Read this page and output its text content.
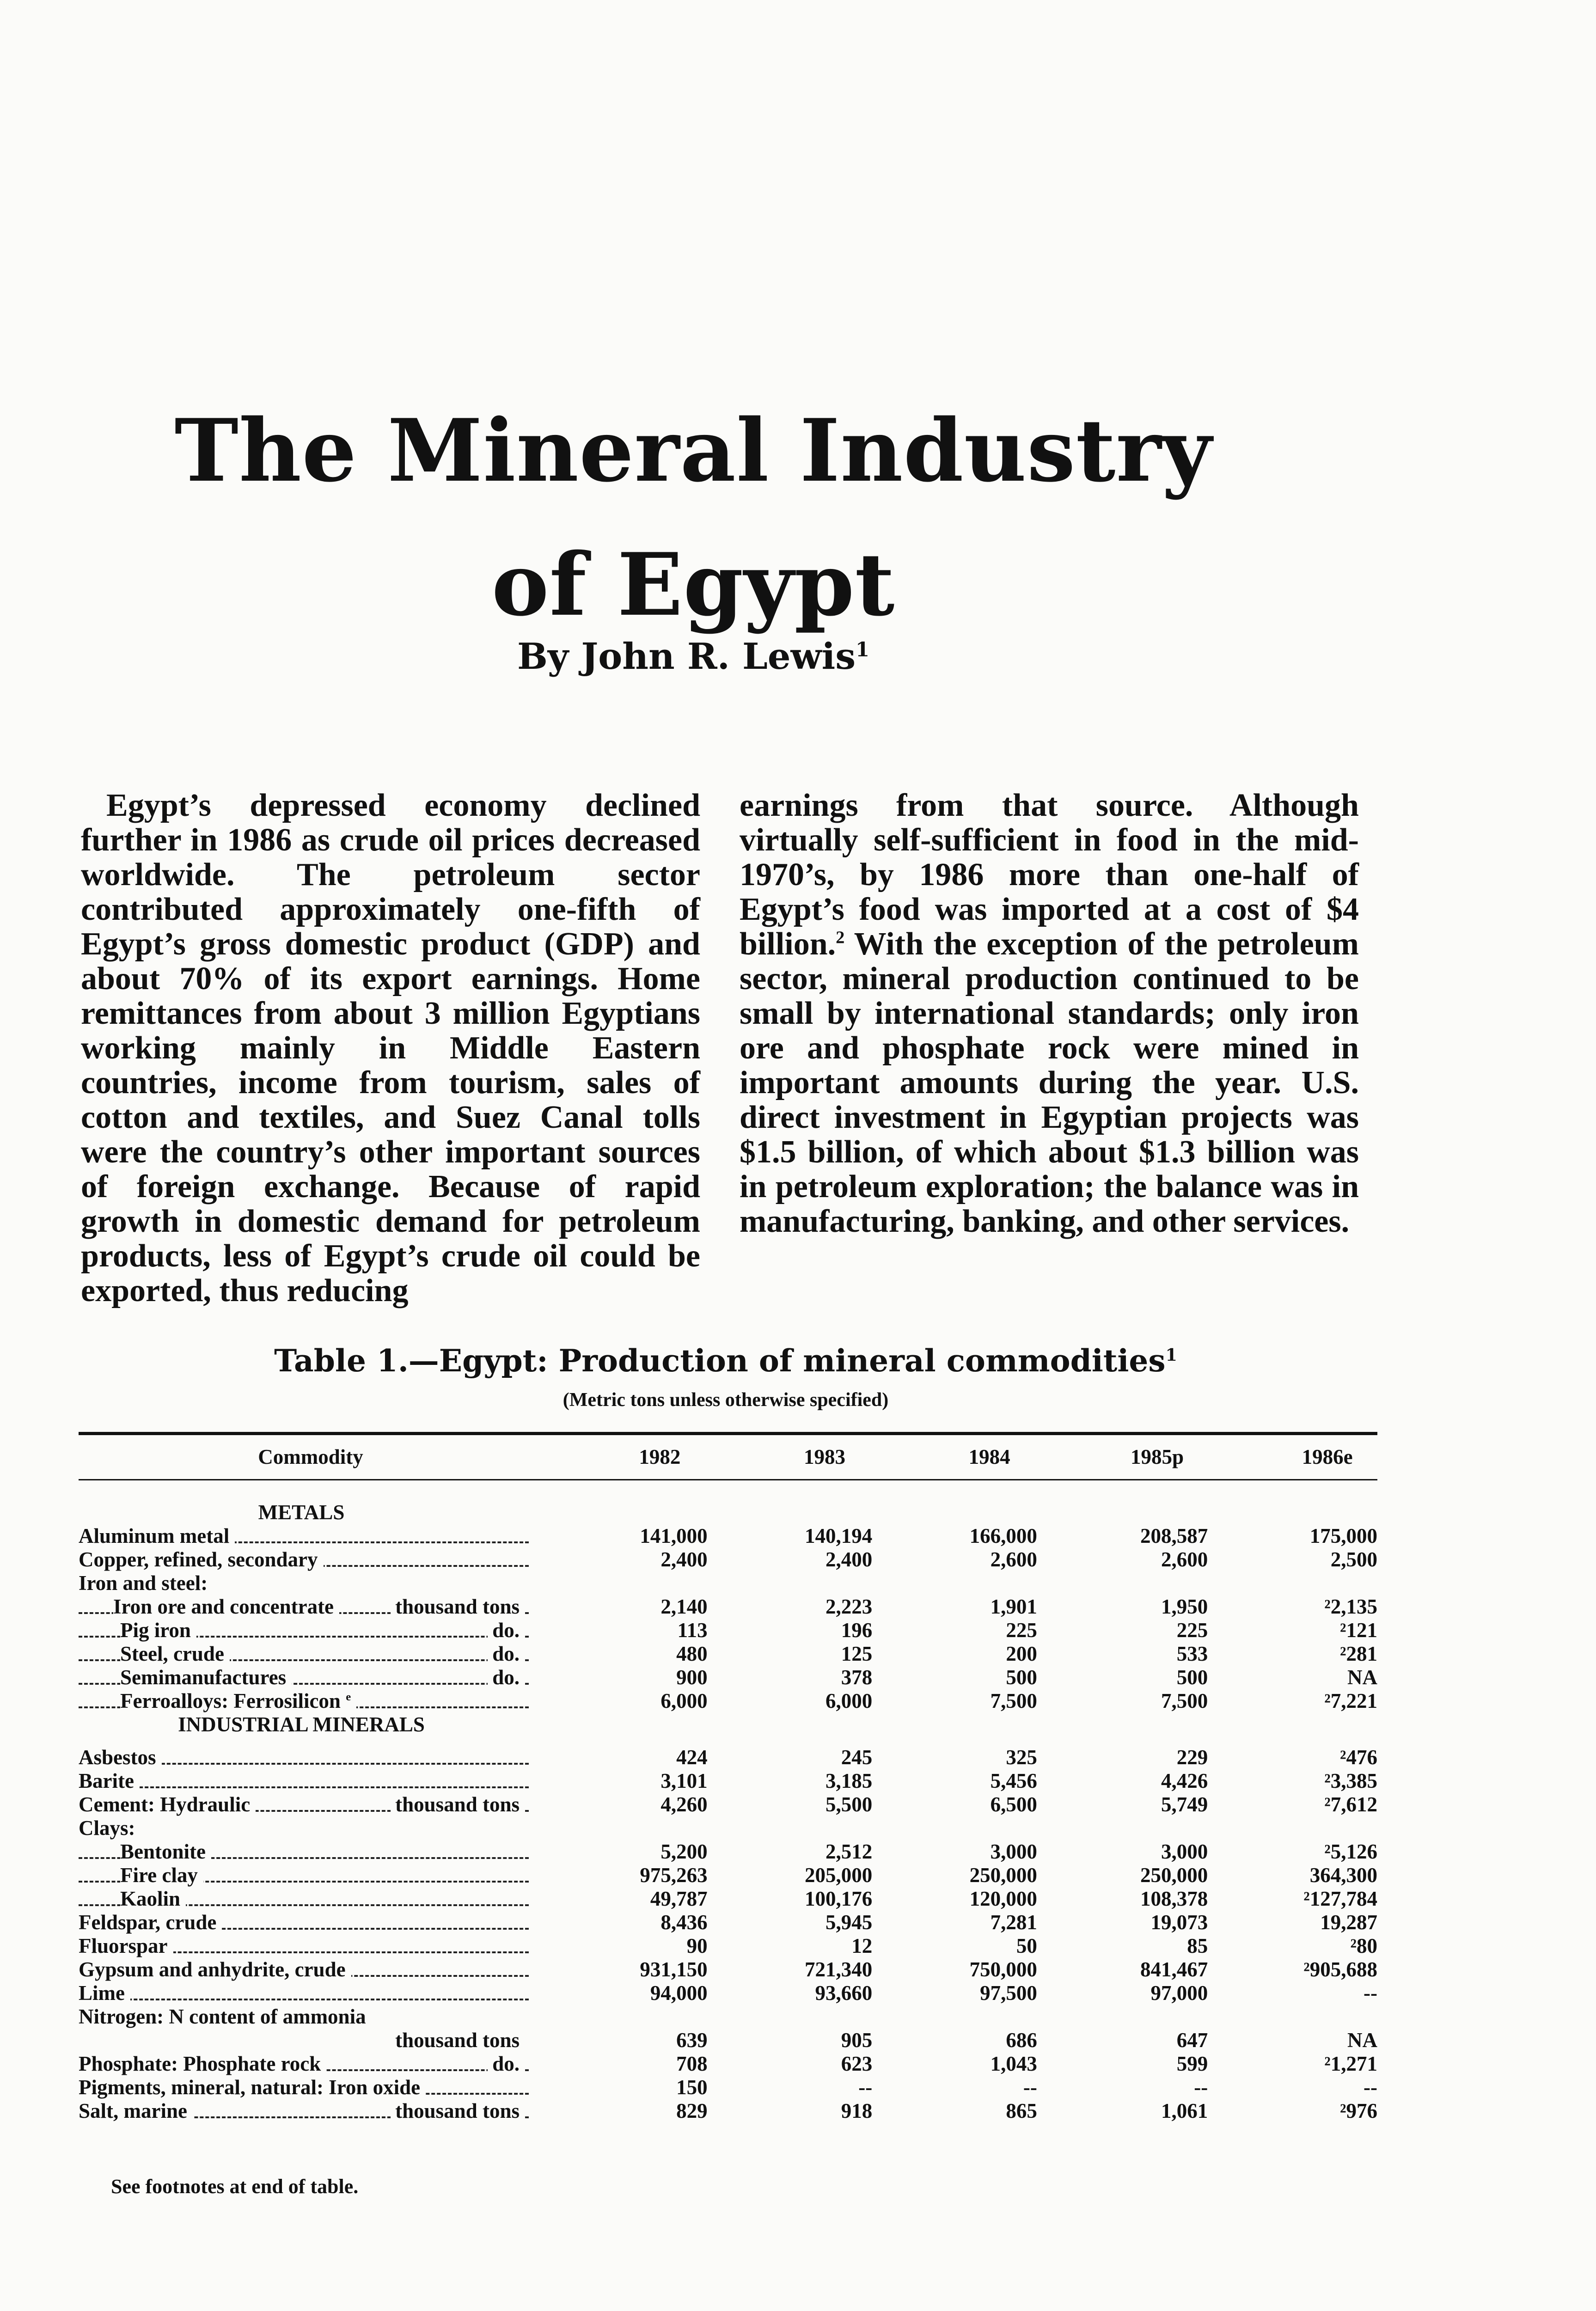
The Mineral Industry of Egypt

By John R. Lewis$^1$

Egypt’s depressed economy declined further in 1986 as crude oil prices decreased worldwide. The petroleum sector contributed approximately one-fifth of Egypt’s gross domestic product (GDP) and about 70% of its export earnings. Home remittances from about 3 million Egyptians working mainly in Middle Eastern countries, income from tourism, sales of cotton and textiles, and Suez Canal tolls were the country’s other important sources of foreign exchange. Because of rapid growth in domestic demand for petroleum products, less of Egypt’s crude oil could be exported, thus reducing

earnings from that source. Although virtually self-sufficient in food in the mid-1970’s, by 1986 more than one-half of Egypt’s food was imported at a cost of $4 billion.$^2$ With the exception of the petroleum sector, mineral production continued to be small by international standards; only iron ore and phosphate rock were mined in important amounts during the year. U.S. direct investment in Egyptian projects was $1.5 billion, of which about $1.3 billion was in petroleum exploration; the balance was in manufacturing, banking, and other services.

Table 1.—Egypt: Production of mineral commodities$^1$

(Metric tons unless otherwise specified)

Commodity	1982	1983	1984	1985p	1986e

METALS					

Aluminum metal	141,000	140,194	166,000	208,587	175,000

Copper, refined, secondary	2,400	2,400	2,600	2,600	2,500
Iron and steel:					

Iron ore and concentrate thousand tons	2,140	2,223	1,901	1,950	²2,135

Pig iron do.	113	196	225	225	²121

Steel, crude do.	480	125	200	533	²281

Semimanufactures do.	900	378	500	500	NA

Ferroalloys: Ferrosilicon $^e$	6,000	6,000	7,500	7,500	²7,221
INDUSTRIAL MINERALS					

Asbestos	424	245	325	229	²476

Barite	3,101	3,185	5,456	4,426	²3,385

Cement: Hydraulic thousand tons	4,260	5,500	6,500	5,749	²7,612
Clays:					

Bentonite	5,200	2,512	3,000	3,000	²5,126

Fire clay	975,263	205,000	250,000	250,000	364,300

Kaolin	49,787	100,176	120,000	108,378	²127,784

Feldspar, crude	8,436	5,945	7,281	19,073	19,287

Fluorspar	90	12	50	85	²80

Gypsum and anhydrite, crude	931,150	721,340	750,000	841,467	²905,688

Lime	94,000	93,660	97,500	97,000	--
Nitrogen: N content of ammonia					

thousand tons	639	905	686	647	NA

Phosphate: Phosphate rock do.	708	623	1,043	599	²1,271

Pigments, mineral, natural: Iron oxide	150	--	--	--	--

Salt, marine thousand tons	829	918	865	1,061	²976

See footnotes at end of table.
